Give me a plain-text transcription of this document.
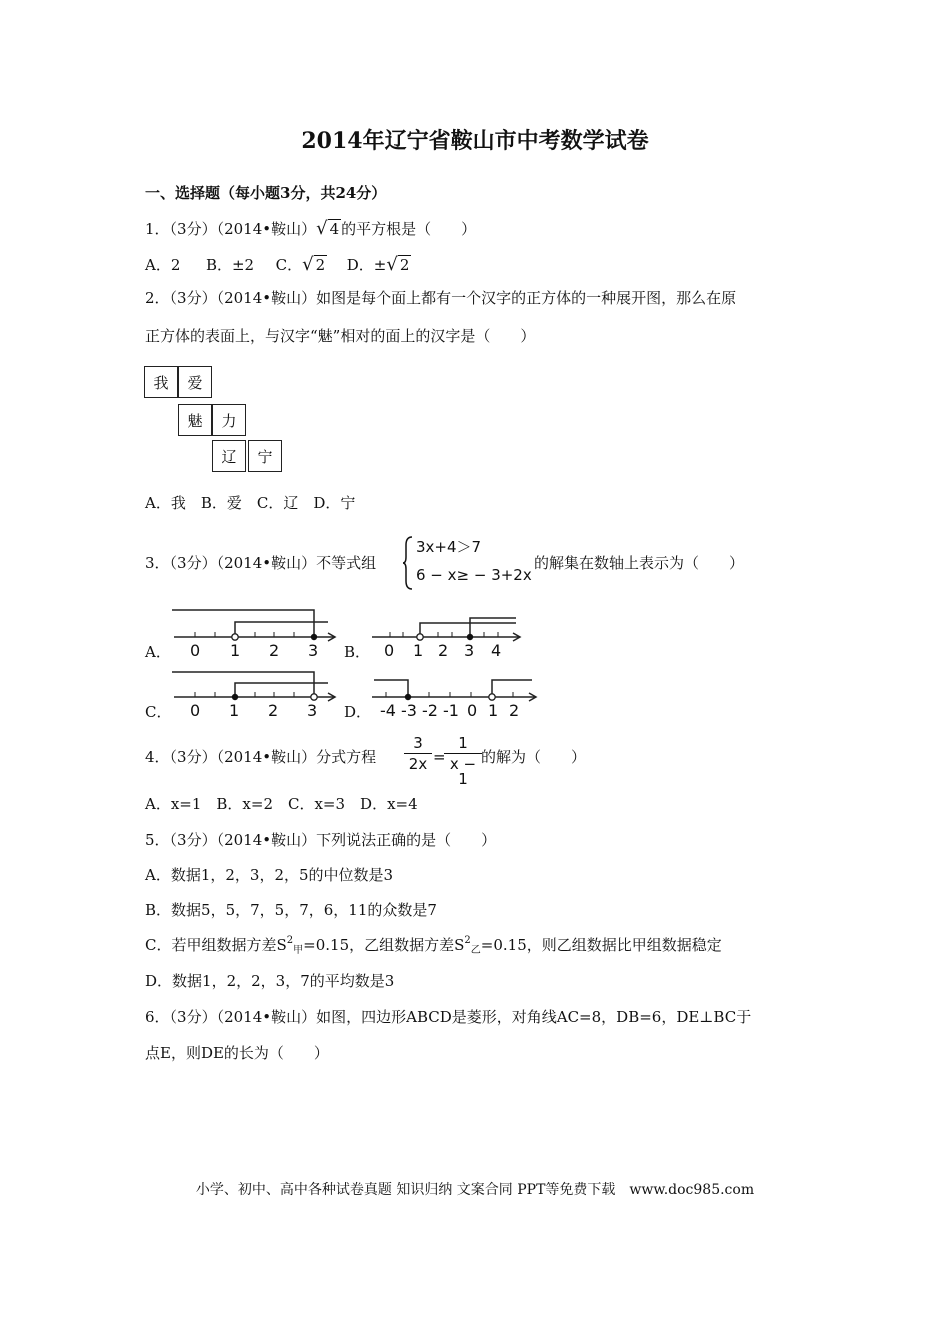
2014年辽宁省鞍山市中考数学试卷
一、选择题（每小题3分，共24分）
1．（3分）（2014•鞍山）√ 4 的平方根是（　　）
A．2 B．±2 C．√ 2 D．±√ 2
2．（3分）（2014•鞍山）如图是每个面上都有一个汉字的正方体的一种展开图，那么在原
正方体的表面上，与汉字“魅”相对的面上的汉字是（　　）
我	爱
魅	力
辽	宁
A．我　B．爱　C．辽　D．宁
3．（3分）（2014•鞍山）不等式组
3x+4＞7
6 − x≥ − 3+2x
的解集在数轴上表示为（　　）
A． 0 1 2 3 B． 0 1 2 3 4
C． 0 1 2 3 D． -4 -3 -2 -1 0 1 2
4．（3分）（2014•鞍山）分式方程
3
2x =
1
x − 1
的解为（　　）
A．x=1　B．x=2　C．x=3　D．x=4
5．（3分）（2014•鞍山）下列说法正确的是（　　）
A．数据1，2，3，2，5的中位数是3
B．数据5，5，7，5，7，6，11的众数是7
C．若甲组数据方差$S^2_甲=0.15$，乙组数据方差$S^2_乙=0.15$，则乙组数据比甲组数据稳定
D．数据1，2，2，3，7的平均数是3
6．（3分）（2014•鞍山）如图，四边形ABCD是菱形，对角线AC=8，DB=6，DE⊥BC于
点E，则DE的长为（　　）
小学、初中、高中各种试卷真题 知识归纳 文案合同 PPT等免费下载　www.doc985.com
